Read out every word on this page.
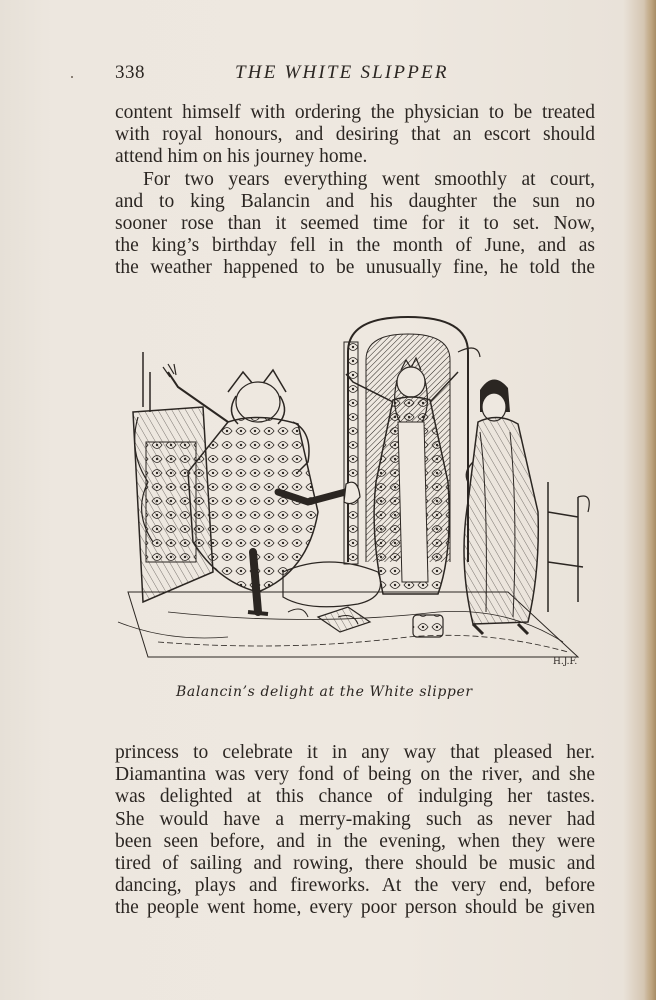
338	THE WHITE SLIPPER
content himself with ordering the physician to be treated
with royal honours, and desiring that an escort should
attend him on his journey home.
For two years everything went smoothly at court,
and to king Balancin and his daughter the sun no
sooner rose than it seemed time for it to set. Now,
the king’s birthday fell in the month of June, and as
the weather happened to be unusually fine, he told the
H.J.F.
Balancin’s delight at the White slipper
princess to celebrate it in any way that pleased her.
Diamantina was very fond of being on the river, and she
was delighted at this chance of indulging her tastes.
She would have a merry-making such as never had
been seen before, and in the evening, when they were
tired of sailing and rowing, there should be music and
dancing, plays and fireworks. At the very end, before
the people went home, every poor person should be given
